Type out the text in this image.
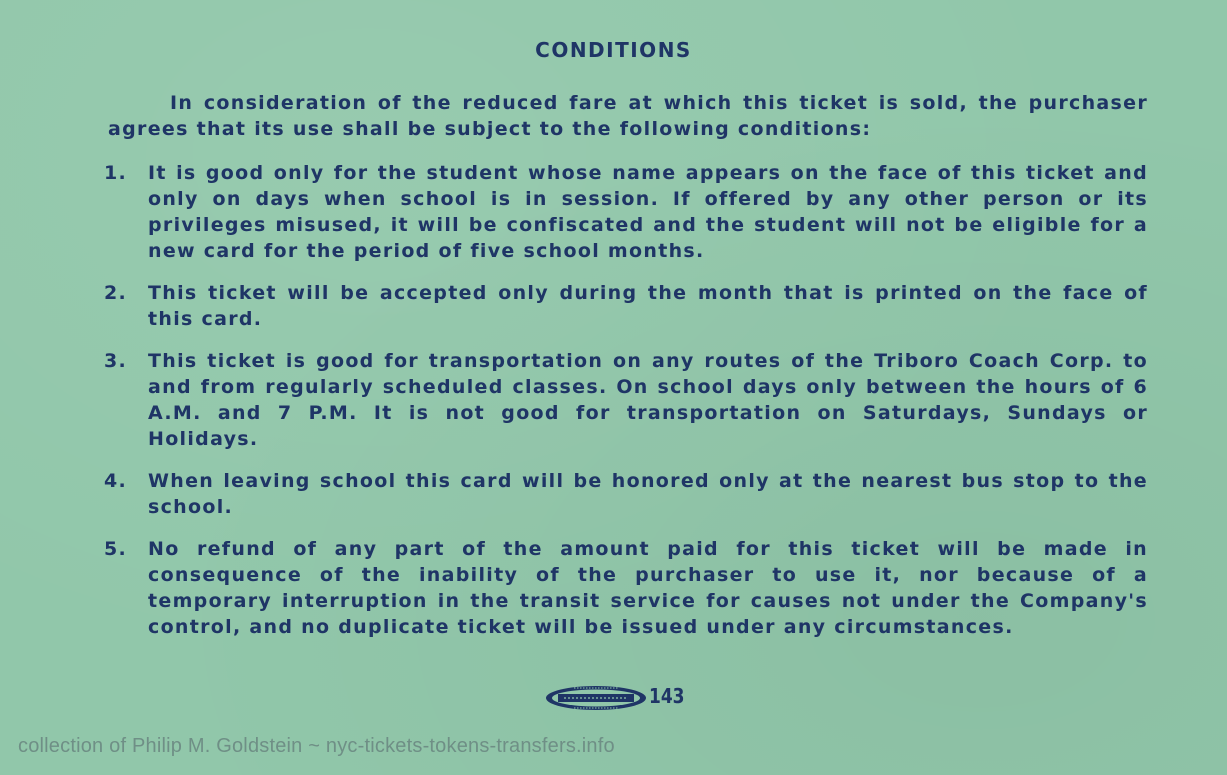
CONDITIONS
In consideration of the reduced fare at which this ticket is sold, the purchaser agrees that its use shall be subject to the following conditions:
1. It is good only for the student whose name appears on the face of this ticket and only on days when school is in session. If offered by any other person or its privileges misused, it will be confiscated and the student will not be eligible for a new card for the period of five school months.
2. This ticket will be accepted only during the month that is printed on the face of this card.
3. This ticket is good for transportation on any routes of the Triboro Coach Corp. to and from regularly scheduled classes. On school days only between the hours of 6 A.M. and 7 P.M. It is not good for transportation on Saturdays, Sundays or Holidays.
4. When leaving school this card will be honored only at the nearest bus stop to the school.
5. No refund of any part of the amount paid for this ticket will be made in consequence of the inability of the purchaser to use it, nor because of a temporary interruption in the transit service for causes not under the Company's control, and no duplicate ticket will be issued under any circumstances.
143
collection of Philip M. Goldstein ~ nyc-tickets-tokens-transfers.info
